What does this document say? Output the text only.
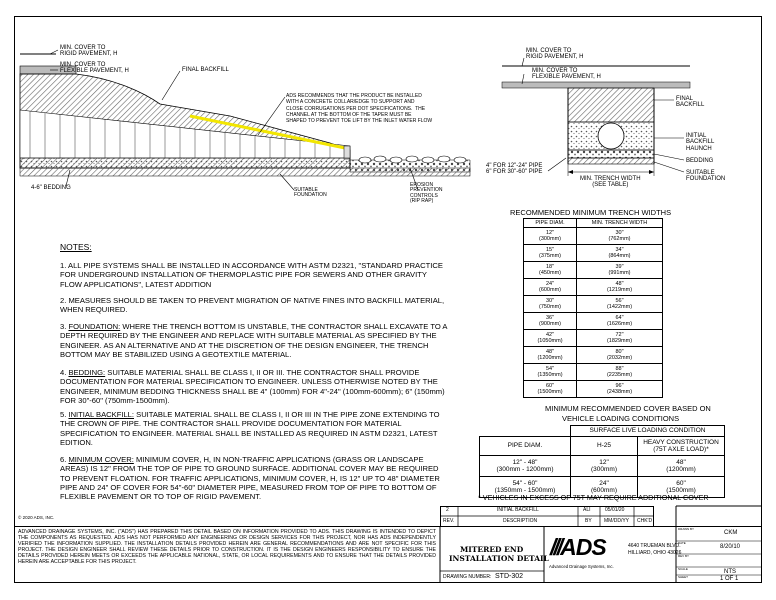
MIN. COVER TO
RIGID PAVEMENT, H
MIN. COVER TO
FLEXIBLE PAVEMENT, H	FINAL BACKFILL
ADS RECOMMENDS THAT THE PRODUCT BE INSTALLED
WITH A CONCRETE COLLAR/EDGE TO SUPPORT AND
CLOSE CORRUGATIONS PER DOT SPECIFICATIONS.  THE
CHANNEL AT THE BOTTOM OF THE TAPER MUST BE
SHAPED TO PREVENT TOE LIFT BY THE INLET WATER FLOW
4-6" BEDDING	SUITABLE
FOUNDATION
EROSION
PREVENTION
CONTROLS
(RIP RAP)
MIN. COVER TO
RIGID PAVEMENT, H
MIN. COVER TO
FLEXIBLE PAVEMENT, H
FINAL
BACKFILL
INITIAL
BACKFILL
HAUNCH
BEDDING
SUITABLE
FOUNDATION
4" FOR 12"-24" PIPE
6" FOR 30"-60" PIPE
MIN. TRENCH WIDTH
(SEE TABLE)
RECOMMENDED MINIMUM TRENCH WIDTHS
PIPE DIAM.	MIN. TRENCH WIDTH
12"
(300mm)	30"
(762mm)
15"
(375mm)	34"
(864mm)
18"
(450mm)	39"
(991mm)
24"
(600mm)	48"
(1219mm)
30"
(750mm)	56"
(1422mm)
36"
(900mm)	64"
(1626mm)
42"
(1050mm)	72"
(1829mm)
48"
(1200mm)	80"
(2032mm)
54"
(1350mm)	88"
(2235mm)
60"
(1500mm)	96"
(2438mm)
MINIMUM RECOMMENDED COVER BASED ON
VEHICLE LOADING CONDITIONS
	SURFACE LIVE LOADING CONDITION	
PIPE DIAM.	H-25	HEAVY CONSTRUCTION
(75T AXLE LOAD)*
12" - 48"
(300mm - 1200mm)	12"
(300mm)	48"
(1200mm)
54" - 60"
(1350mm - 1500mm)	24"
(600mm)	60"
(1500mm)
* VEHICLES IN EXCESS OF 75T MAY REQUIRE ADDITIONAL COVER
NOTES:
1. ALL PIPE SYSTEMS SHALL BE INSTALLED IN ACCORDANCE WITH ASTM D2321, "STANDARD PRACTICE FOR UNDERGROUND INSTALLATION OF THERMOPLASTIC PIPE FOR SEWERS AND OTHER GRAVITY FLOW APPLICATIONS", LATEST ADDITION
2. MEASURES SHOULD BE TAKEN TO PREVENT MIGRATION OF NATIVE FINES INTO BACKFILL MATERIAL, WHEN REQUIRED.
3. FOUNDATION: WHERE THE TRENCH BOTTOM IS UNSTABLE, THE CONTRACTOR SHALL EXCAVATE TO A DEPTH REQUIRED BY THE ENGINEER AND REPLACE WITH SUITABLE MATERIAL AS SPECIFIED BY THE ENGINEER. AS AN ALTERNATIVE AND AT THE DISCRETION OF THE DESIGN ENGINEER, THE TRENCH BOTTOM MAY BE STABILIZED USING A GEOTEXTILE MATERIAL.
4. BEDDING: SUITABLE MATERIAL SHALL BE CLASS I, II OR III. THE CONTRACTOR SHALL PROVIDE DOCUMENTATION FOR MATERIAL SPECIFICATION TO ENGINEER. UNLESS OTHERWISE NOTED BY THE ENGINEER, MINIMUM BEDDING THICKNESS SHALL BE 4" (100mm) FOR 4"-24" (100mm-600mm); 6" (150mm) FOR 30"-60" (750mm-1500mm).
5. INITIAL BACKFILL: SUITABLE MATERIAL SHALL BE CLASS I, II OR III IN THE PIPE ZONE EXTENDING TO THE CROWN OF PIPE. THE CONTRACTOR SHALL PROVIDE DOCUMENTATION FOR MATERIAL SPECIFICATION TO ENGINEER. MATERIAL SHALL BE INSTALLED AS REQUIRED IN ASTM D2321, LATEST EDITION.
6. MINIMUM COVER: MINIMUM COVER, H, IN NON-TRAFFIC APPLICATIONS (GRASS OR LANDSCAPE AREAS) IS 12" FROM THE TOP OF PIPE TO GROUND SURFACE. ADDITIONAL COVER MAY BE REQUIRED TO PREVENT FLOATION. FOR TRAFFIC APPLICATIONS, MINIMUM COVER, H, IS 12" UP TO 48" DIAMETER PIPE AND 24" OF COVER FOR 54"-60" DIAMETER PIPE, MEASURED FROM TOP OF PIPE TO BOTTOM OF FLEXIBLE PAVEMENT OR TO TOP OF RIGID PAVEMENT.
© 2020 ADS, INC.
ADVANCED DRAINAGE SYSTEMS, INC. ("ADS") HAS PREPARED THIS DETAIL BASED ON INFORMATION PROVIDED TO ADS. THIS DRAWING IS INTENDED TO DEPICT THE COMPONENTS AS REQUESTED. ADS HAS NOT PERFORMED ANY ENGINEERING OR DESIGN SERVICES FOR THIS PROJECT, NOR HAS ADS INDEPENDENTLY VERIFIED THE INFORMATION SUPPLIED. THE INSTALLATION DETAILS PROVIDED HEREIN ARE GENERAL RECOMMENDATIONS AND ARE NOT SPECIFIC FOR THIS PROJECT. THE DESIGN ENGINEER SHALL REVIEW THESE DETAILS PRIOR TO CONSTRUCTION. IT IS THE DESIGN ENGINEERS RESPONSIBILITY TO ENSURE THE DETAILS PROVIDED HEREIN MEETS OR EXCEEDS THE APPLICABLE NATIONAL, STATE, OR LOCAL REQUIREMENTS AND TO ENSURE THAT THE DETAILS PROVIDED HEREIN ARE ACCEPTABLE FOR THIS PROJECT.
2	INITIAL BACKFILL	ALI	05/01/20
REV.	DESCRIPTION	BY MM/DD/YY CHK'D
MITERED END
INSTALLATION DETAIL
DRAWING NUMBER: STD-302
///ADS
Advanced Drainage Systems, Inc.
4640 TRUEMAN BLVD.
HILLIARD, OHIO 43026
DRAWN BY
CKM
DATE
8/20/10
REV BY
SCALE	NTS
SHEET	1 OF 1
